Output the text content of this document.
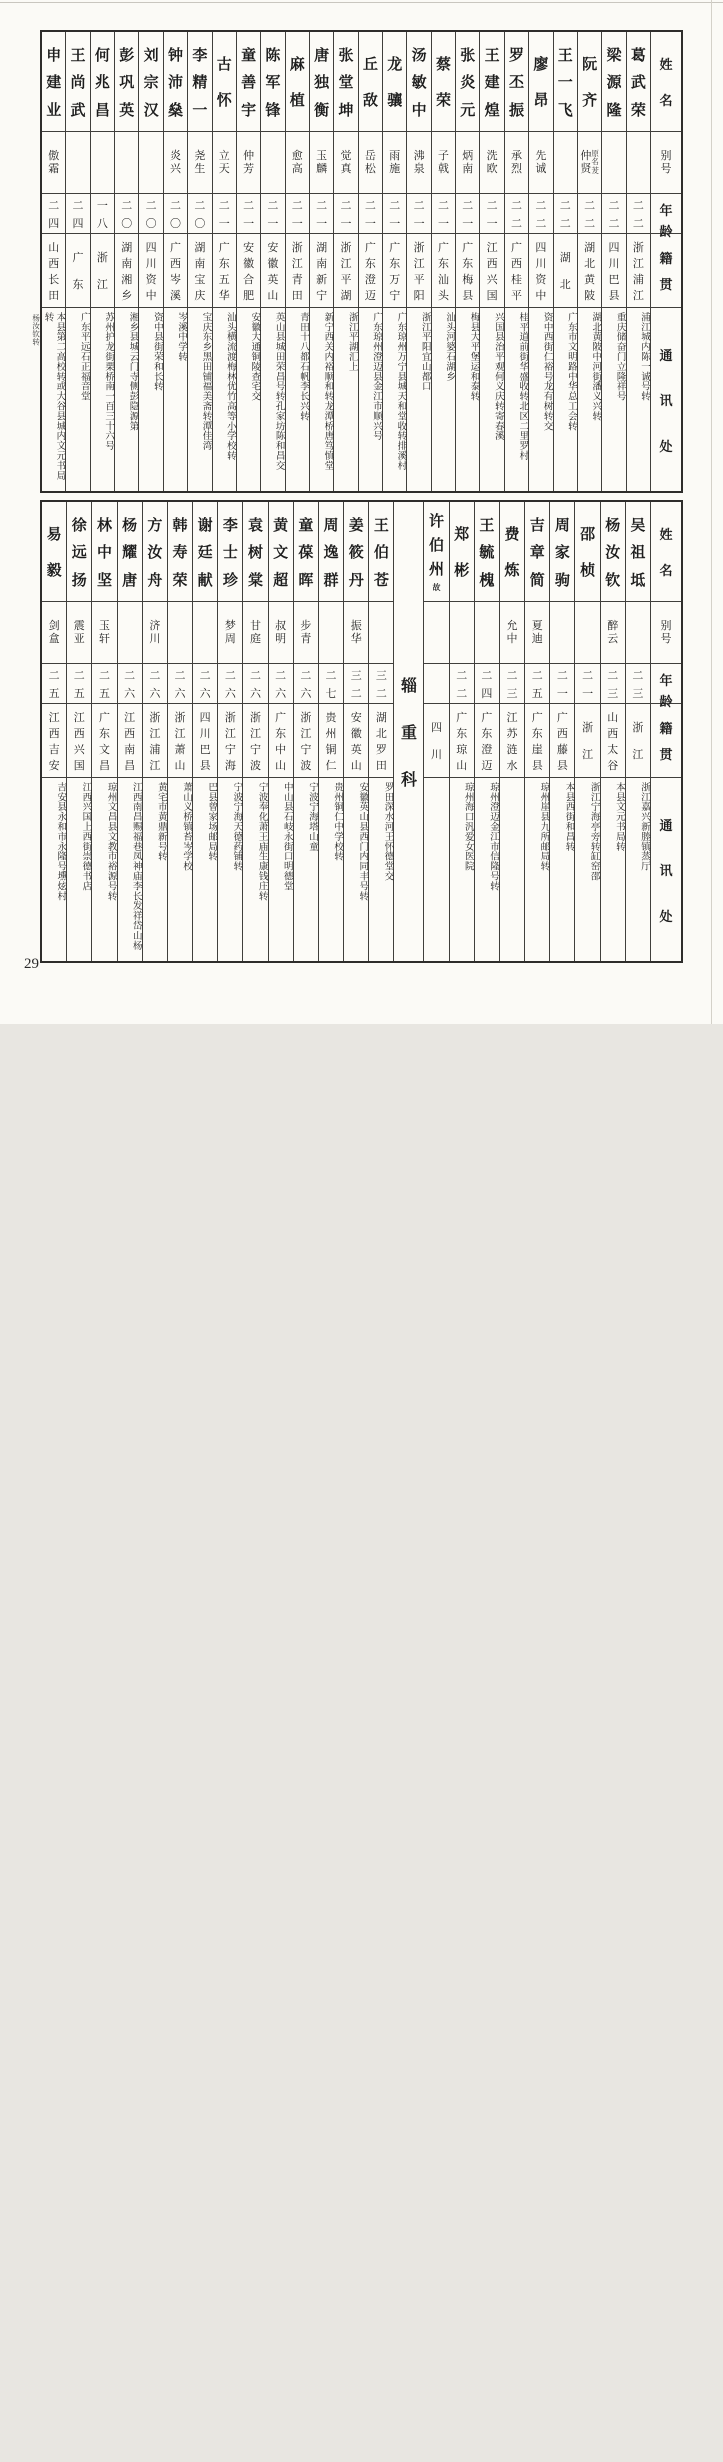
姓
名
别
号
年
龄
籍
贯
通
讯
处
葛
武
荣
二
二
浙
江
浦
江
浦江城内陈一诚号转
梁
源
隆
二
二
四
川
巴
县
重庆储奋门立隆祥号
阮
齐
原
名
茇
仲
贤
二
二
湖
北
黄
陂
湖北黄陂中河街潘义兴转
王
一
飞
二
二
湖
北
广东市文明路中华总工会转
廖
昂
先
诚
二
二
四
川
资
中
资中西街仁裕号龙有树转交
罗
丕
振
承
烈
二
二
广
西
桂
平
桂平道前街华盛收转北区二里罗村
王
建
煌
洗
欧
二
一
江
西
兴
国
兴国县治平观何义庆转寄春溪
张
炎
元
炳
南
二
一
广
东
梅
县
梅县大平堡运和泰转
蔡
荣
子
戟
二
一
广
东
汕
头
汕头河婆石湖乡
汤
敏
中
沸
泉
二
一
浙
江
平
阳
浙江平阳宜山都口
龙
骧
雨
施
二
一
广
东
万
宁
广东琼州万宁县城天和堂收转排溪村
丘
敌
岳
松
二
一
广
东
澄
迈
广东琼州澄迈县金江市顺兴号
张
堂
坤
觉
真
二
一
浙
江
平
湖
浙江平湖汇上
唐
独
衡
玉
麟
二
一
湖
南
新
宁
新宁西关内裕顺和转龙潭桥唐笃慎堂
麻
植
愈
高
二
一
浙
江
青
田
青田十八都石帆李长兴转
陈
军
锋
二
一
安
徽
英
山
英山县城田荣昌号转孔家坊陈和昌交
童
善
宇
仲
芳
二
一
安
徽
合
肥
安徽大通铜陵查宅交
古
怀
立
天
二
一
广
东
五
华
汕头横流渡梅林优竹高等小学校转
李
精
一
尧
生
二
〇
湖
南
宝
庆
宝庆东乡黑田铺福美斋转潭佳湾
钟
沛
燊
炎
兴
二
〇
广
西
岑
溪
岑溪中学转
刘
宗
汉
二
〇
四
川
资
中
资中县街荣和长转
彭
巩
英
二
〇
湖
南
湘
乡
湘乡县城云门寺侧彭隐源第
何
兆
昌
一
八
浙
江
苏州护龙街栗桥南一百三十六号
王
尚
武
二
四
广
东
广东平远石正福音堂
申
建
业
傲
霜
二
四
山
西
长
田
本县第二高校转或大谷县城内文元书局转
杨汝钦转
姓
名
别
号
年
龄
籍
贯
通
讯
处
吴
祖
坻
二
三
浙
江
浙江嘉兴新塍镇蒸厅
杨
汝
钦
醉
云
二
三
山
西
太
谷
本县文元书局转
邵
桢
二
一
浙
江
浙江宁海亭旁转缸窑邵
周
家
驹
二
一
广
西
藤
县
本县西街和昌转
吉
章
简
夏
迪
二
五
广
东
崖
县
琼州崖县九所邮局转
费
炼
允
中
二
三
江
苏
涟
水
王
毓
槐
二
四
广
东
澄
迈
琼州澄迈金江市信隆号转
郑
彬
二
二
广
东
琼
山
琼州海口汎爱女医院
许
伯
州
故
四
川
辎
重
科
王
伯
苍
三
二
湖
北
罗
田
罗田深水河王怀德堂交
姜
筱
丹
振
华
三
二
安
徽
英
山
安徽英山县西门内同丰号转
周
逸
群
二
七
贵
州
铜
仁
贵州铜仁中学校转
童
葆
晖
步
青
二
六
浙
江
宁
波
宁波宁海塔山童
黄
文
超
叔
明
二
六
广
东
中
山
中山县石岐永街口明德堂
袁
树
棠
甘
庭
二
六
浙
江
宁
波
宁波奉化萧王庙生康钱庄转
李
士
珍
梦
周
二
六
浙
江
宁
海
宁波宁海天德药铺转
谢
廷
献
二
六
四
川
巴
县
巴县曾家场邮局转
韩
寿
荣
二
六
浙
江
萧
山
萧山义桥镇苔岑学校
方
汝
舟
济
川
二
六
浙
江
浦
江
黄宅市黄鼎新号转
杨
耀
唐
二
六
江
西
南
昌
江西南昌赐福巷凤神庙李长发祥岱山杨
林
中
坚
玉
轩
二
五
广
东
文
昌
琼州文昌县文教市裕源号转
徐
远
扬
震
亚
二
五
江
西
兴
国
江西兴国上西街崇德书店
易
毅
剑
盒
二
五
江
西
吉
安
吉安县永和市永隆号壎炫村
29
